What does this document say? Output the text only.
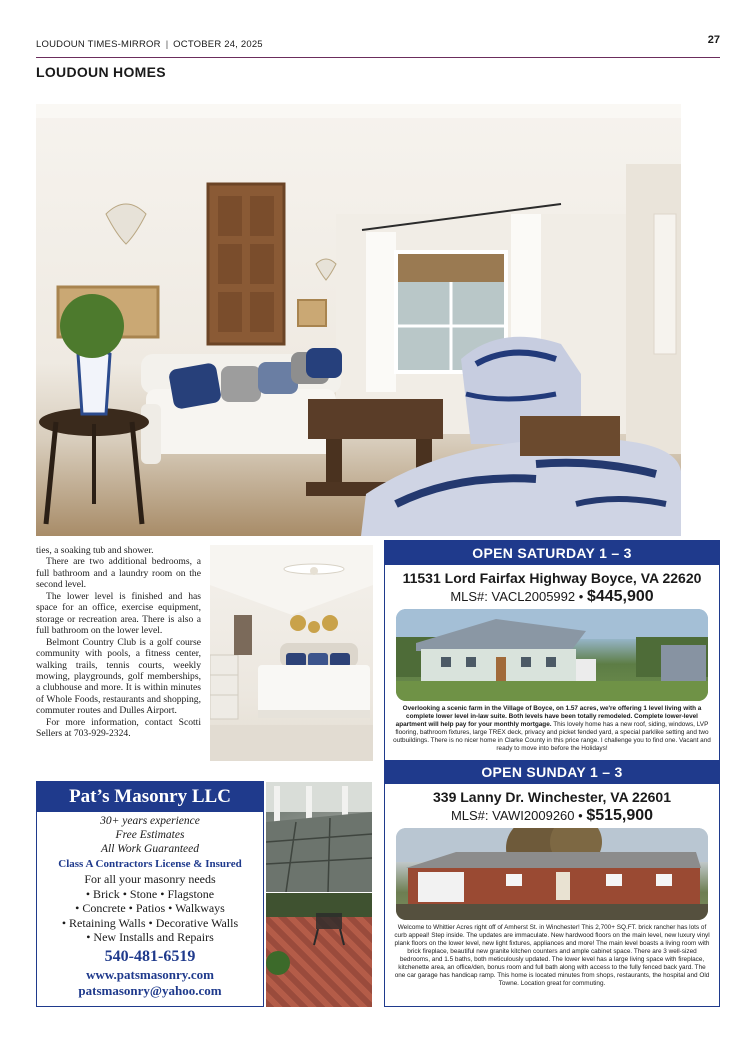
LOUDOUN TIMES-MIRROR | OCTOBER 24, 2025	27
LOUDOUN HOMES

ties, a soaking tub and shower.

There are two additional bedrooms, a full bathroom and a laundry room on the second level.

The lower level is finished and has space for an office, exercise equipment, storage or recreation area. There is also a full bathroom on the lower level.

Belmont Country Club is a golf course community with pools, a fitness center, walking trails, tennis courts, weekly mowing, playgrounds, golf memberships, a clubhouse and more. It is within minutes of Whole Foods, restaurants and shopping, commuter routes and Dulles Airport.

For more information, contact Scotti Sellers at 703-929-2324.

OPEN SATURDAY 1 – 3
11531 Lord Fairfax Highway Boyce, VA 22620
MLS#: VACL2005992 • $445,900
Overlooking a scenic farm in the Village of Boyce, on 1.57 acres, we're offering 1 level living with a complete lower level in-law suite. Both levels have been totally remodeled. Complete lower-level apartment will help pay for your monthly mortgage. This lovely home has a new roof, siding, windows, LVP flooring, bathroom fixtures, large TREX deck, privacy and picket fended yard, a special parklike setting and two outbuildings. There is no nicer home in Clarke County in this price range. I challenge you to find one. Vacant and ready to move into before the Holidays!
OPEN SUNDAY 1 – 3
339 Lanny Dr. Winchester, VA 22601
MLS#: VAWI2009260 • $515,900
Welcome to Whittier Acres right off of Amherst St. in Winchester! This 2,700+ SQ.FT. brick rancher has lots of curb appeal! Step inside. The updates are immaculate. New hardwood floors on the main level, new luxury vinyl plank floors on the lower level, new light fixtures, appliances and more! The main level boasts a living room with brick fireplace, beautiful new granite kitchen counters and ample cabinet space. There are 3 well-sized bedrooms, and 1.5 baths, both meticulously updated. The lower level has a large living space with fireplace, kitchenette area, an office/den, bonus room and full bath along with access to the fully fenced back yard. The one car garage has handicap ramp. This home is located minutes from shops, restaurants, the hospital and Old Towne. Location great for commuting.
Pat’s Masonry LLC
30+ years experience
Free Estimates
All Work Guaranteed
Class A Contractors License & Insured
For all your masonry needs
• Brick • Stone • Flagstone
• Concrete • Patios • Walkways
• Retaining Walls • Decorative Walls
• New Installs and Repairs
540-481-6519
www.patsmasonry.com
patsmasonry@yahoo.com
